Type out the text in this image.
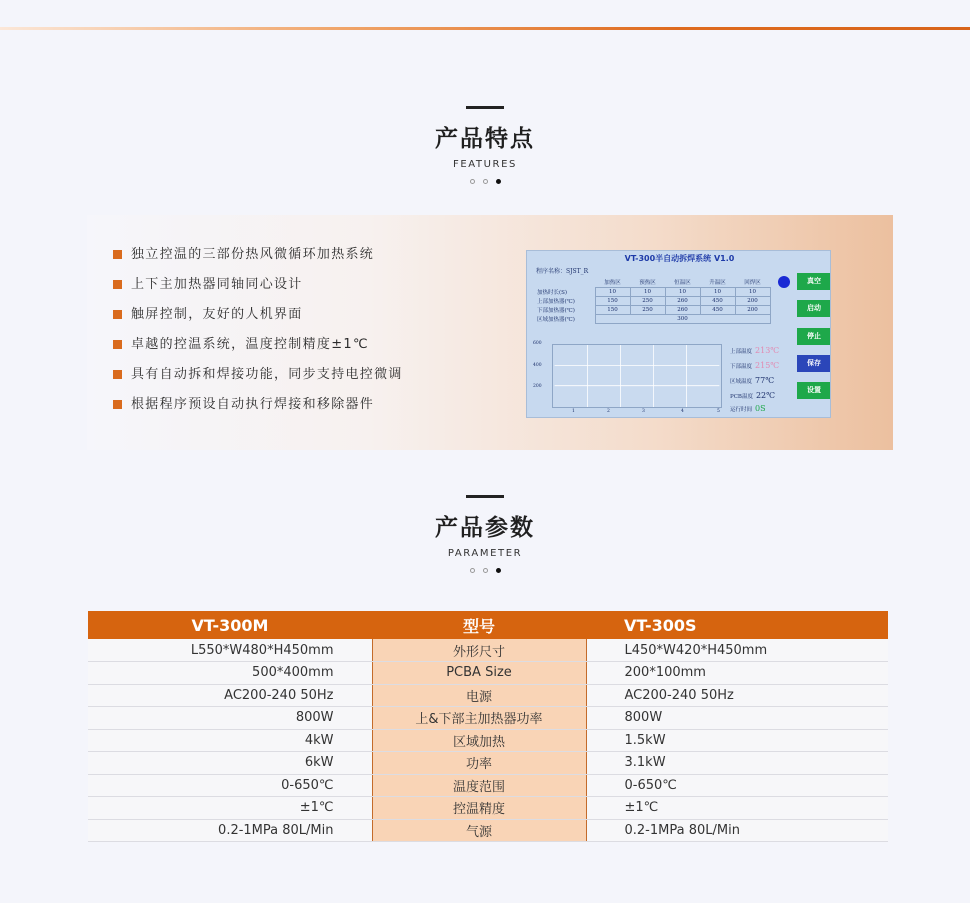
产品特点
FEATURES
独立控温的三部份热风微循环加热系统
上下主加热器同轴同心设计
触屏控制，友好的人机界面
卓越的控温系统，温度控制精度±1℃
具有自动拆和焊接功能，同步支持电控微调
根据程序预设自动执行焊接和移除器件
VT-300半自动拆焊系统 V1.0
程序名称：SJST_R
	加热区	预热区	恒温区	升温区	回焊区
加热时长(S)	10	10	10	10	10
上部加热器(℃)	150	250	260	450	200
下部加热器(℃)	150	250	260	450	200
区域加热器(℃)	300				
真空
启动
停止
保存
设置
600
400
200
1	2	3	4	5
上部温度 213℃
下部温度 215℃
区域温度 77℃
PCB温度 22℃
运行时间 0S
产品参数
PARAMETER
VT-300M	型号	VT-300S
L550*W480*H450mm	外形尺寸	L450*W420*H450mm
500*400mm	PCBA Size	200*100mm
AC200-240 50Hz	电源	AC200-240 50Hz
800W	上&下部主加热器功率	800W
4kW	区域加热	1.5kW
6kW	功率	3.1kW
0-650℃	温度范围	0-650℃
±1℃	控温精度	±1℃
0.2-1MPa 80L/Min	气源	0.2-1MPa 80L/Min
